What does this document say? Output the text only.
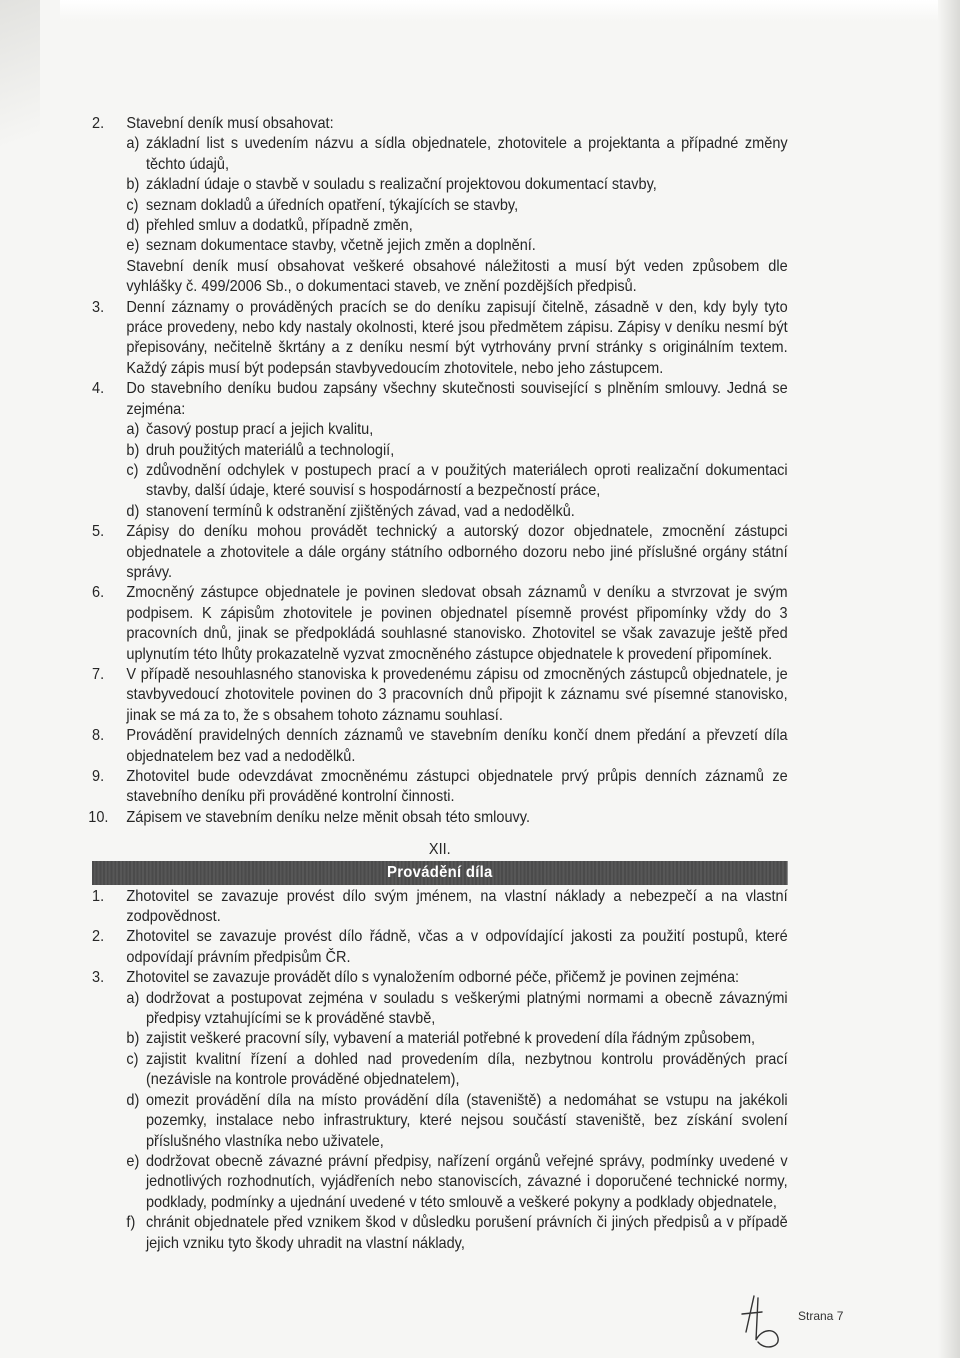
2.	Stavební deník musí obsahovat:

a) základní list s uvedením názvu a sídla objednatele, zhotovitele a projektanta a případné změny těchto údajů,
b) základní údaje o stavbě v souladu s realizační projektovou dokumentací stavby,
c) seznam dokladů a úředních opatření, týkajících se stavby,
d) přehled smluv a dodatků, případně změn,
e) seznam dokumentace stavby, včetně jejich změn a doplnění.

Stavební deník musí obsahovat veškeré obsahové náležitosti a musí být veden způsobem dle vyhlášky č. 499/2006 Sb., o dokumentaci staveb, ve znění pozdějších předpisů.

3.	Denní záznamy o prováděných pracích se do deníku zapisují čitelně, zásadně v den, kdy byly tyto práce provedeny, nebo kdy nastaly okolnosti, které jsou předmětem zápisu. Zápisy v deníku nesmí být přepisovány, nečitelně škrtány a z deníku nesmí být vytrhovány první stránky s originálním textem. Každý zápis musí být podepsán stavbyvedoucím zhotovitele, nebo jeho zástupcem.

4.	Do stavebního deníku budou zapsány všechny skutečnosti související s plněním smlouvy. Jedná se zejména:

a) časový postup prací a jejich kvalitu,
b) druh použitých materiálů a technologií,
c) zdůvodnění odchylek v postupech prací a v použitých materiálech oproti realizační dokumentaci stavby, další údaje, které souvisí s hospodárností a bezpečností práce,
d) stanovení termínů k odstranění zjištěných závad, vad a nedodělků.
5.	Zápisy do deníku mohou provádět technický a autorský dozor objednatele, zmocnění zástupci objednatele a zhotovitele a dále orgány státního odborného dozoru nebo jiné příslušné orgány státní správy.

6.	Zmocněný zástupce objednatele je povinen sledovat obsah záznamů v deníku a stvrzovat je svým podpisem. K zápisům zhotovitele je povinen objednatel písemně provést připomínky vždy do 3 pracovních dnů, jinak se předpokládá souhlasné stanovisko. Zhotovitel se však zavazuje ještě před uplynutím této lhůty prokazatelně vyzvat zmocněného zástupce objednatele k provedení připomínek.

7.	V případě nesouhlasného stanoviska k provedenému zápisu od zmocněných zástupců objednatele, je stavbyvedoucí zhotovitele povinen do 3 pracovních dnů připojit k záznamu své písemné stanovisko, jinak se má za to, že s obsahem tohoto záznamu souhlasí.

8.	Provádění pravidelných denních záznamů ve stavebním deníku končí dnem předání a převzetí díla objednatelem bez vad a nedodělků.

9.	Zhotovitel bude odevzdávat zmocněnému zástupci objednatele prvý průpis denních záznamů ze stavebního deníku při prováděné kontrolní činnosti.

10.	Zápisem ve stavebním deníku nelze měnit obsah této smlouvy.

XII.
Provádění díla
1.	Zhotovitel se zavazuje provést dílo svým jménem, na vlastní náklady a nebezpečí a na vlastní zodpovědnost.

2.	Zhotovitel se zavazuje provést dílo řádně, včas a v odpovídající jakosti za použití postupů, které odpovídají právním předpisům ČR.

3.	Zhotovitel se zavazuje provádět dílo s vynaložením odborné péče, přičemž je povinen zejména:

a) dodržovat a postupovat zejména v souladu s veškerými platnými normami a obecně závaznými předpisy vztahujícími se k prováděné stavbě,
b) zajistit veškeré pracovní síly, vybavení a materiál potřebné k provedení díla řádným způsobem,
c) zajistit kvalitní řízení a dohled nad provedením díla, nezbytnou kontrolu prováděných prací (nezávisle na kontrole prováděné objednatelem),
d) omezit provádění díla na místo provádění díla (staveniště) a nedomáhat se vstupu na jakékoli pozemky, instalace nebo infrastruktury, které nejsou součástí staveniště, bez získání svolení příslušného vlastníka nebo uživatele,
e) dodržovat obecně závazné právní předpisy, nařízení orgánů veřejné správy, podmínky uvedené v jednotlivých rozhodnutích, vyjádřeních nebo stanoviscích, závazné i doporučené technické normy, podklady, podmínky a ujednání uvedené v této smlouvě a veškeré pokyny a podklady objednatele,
f) chránit objednatele před vznikem škod v důsledku porušení právních či jiných předpisů a v případě jejich vzniku tyto škody uhradit na vlastní náklady,
Strana 7
